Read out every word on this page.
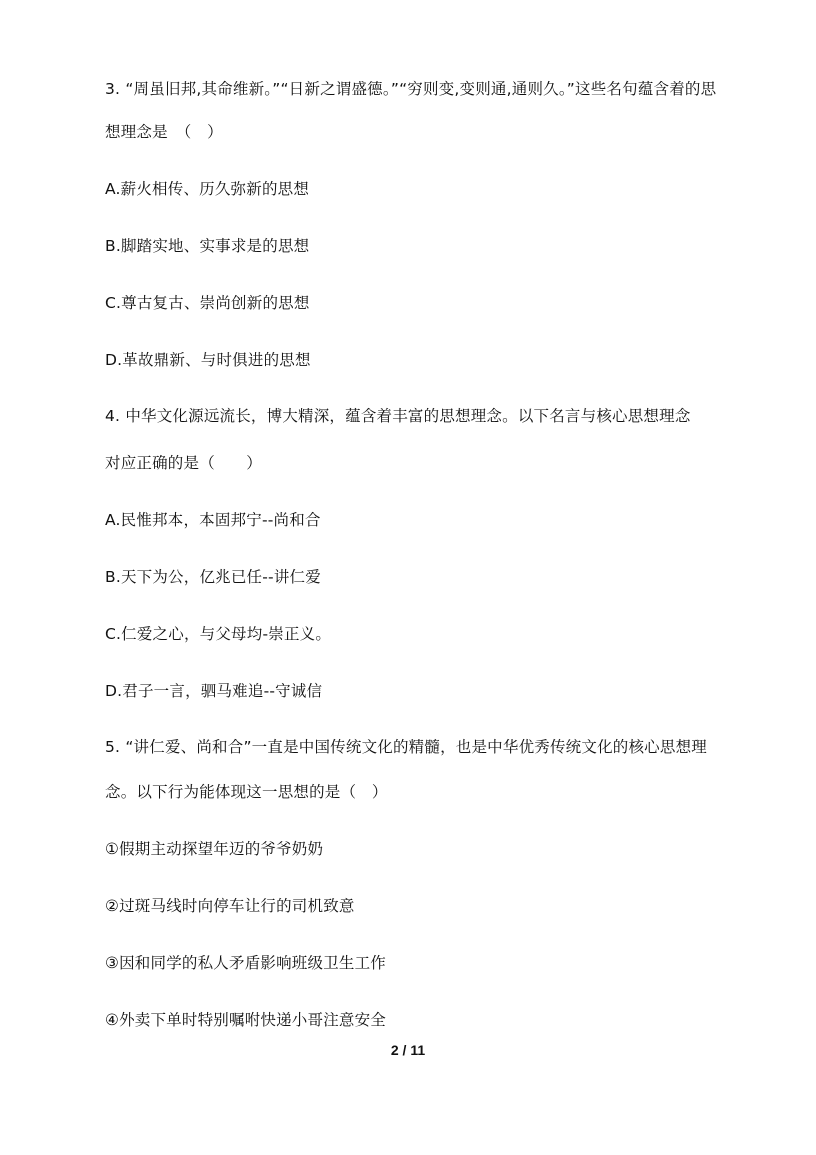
3. “周虽旧邦,其命维新。”“日新之谓盛德。”“穷则变,变则通,通则久。”这些名句蕴含着的思
想理念是　（　）
A.薪火相传、历久弥新的思想
B.脚踏实地、实事求是的思想
C.尊古复古、崇尚创新的思想
D.革故鼎新、与时俱进的思想
4. 中华文化源远流长，博大精深，蕴含着丰富的思想理念。以下名言与核心思想理念
对应正确的是（　　）
A.民惟邦本，本固邦宁--尚和合
B.天下为公，亿兆已任--讲仁爱
C.仁爱之心，与父母均-崇正义。
D.君子一言，驷马难追--守诚信
5. “讲仁爱、尚和合”一直是中国传统文化的精髓，也是中华优秀传统文化的核心思想理
念。以下行为能体现这一思想的是（　）
①假期主动探望年迈的爷爷奶奶
②过斑马线时向停车让行的司机致意
③因和同学的私人矛盾影响班级卫生工作
④外卖下单时特别嘱咐快递小哥注意安全
2 / 11
